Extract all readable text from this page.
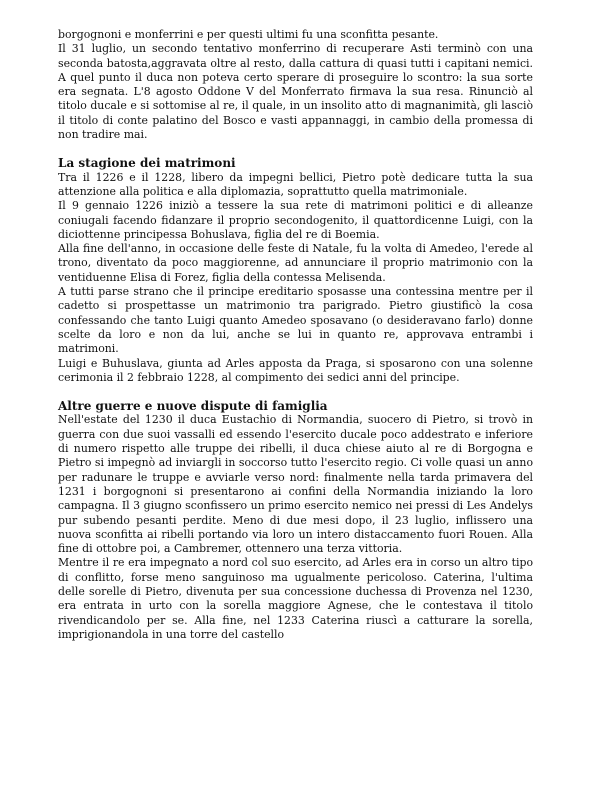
borgognoni e monferrini e per questi ultimi fu una sconfitta pesante.

Il 31 luglio, un secondo tentativo monferrino di recuperare Asti terminò con una seconda batosta,aggravata oltre al resto, dalla cattura di quasi tutti i capitani nemici. A quel punto il duca non poteva certo sperare di proseguire lo scontro: la sua sorte era segnata. L'8 agosto Oddone V del Monferrato firmava la sua resa. Rinunciò al titolo ducale e si sottomise al re, il quale, in un insolito atto di magnanimità, gli lasciò il titolo di conte palatino del Bosco e vasti appannaggi, in cambio della promessa di non tradire mai.

La stagione dei matrimoni

Tra il 1226 e il 1228, libero da impegni bellici, Pietro potè dedicare tutta la sua attenzione alla politica e alla diplomazia, soprattutto quella matrimoniale.

Il 9 gennaio 1226 iniziò a tessere la sua rete di matrimoni politici e di alleanze coniugali facendo fidanzare il proprio secondogenito, il quattordicenne Luigi, con la diciottenne principessa Bohuslava, figlia del re di Boemia.

Alla fine dell'anno, in occasione delle feste di Natale, fu la volta di Amedeo, l'erede al trono, diventato da poco maggiorenne, ad annunciare il proprio matrimonio con la ventiduenne Elisa di Forez, figlia della contessa Melisenda.

A tutti parse strano che il principe ereditario sposasse una contessina mentre per il cadetto si prospettasse un matrimonio tra parigrado. Pietro giustificò la cosa confessando che tanto Luigi quanto Amedeo sposavano (o desideravano farlo) donne scelte da loro e non da lui, anche se lui in quanto re, approvava entrambi i matrimoni.

Luigi e Buhuslava, giunta ad Arles apposta da Praga, si sposarono con una solenne cerimonia il 2 febbraio 1228, al compimento dei sedici anni del principe.

Altre guerre e nuove dispute di famiglia

Nell'estate del 1230 il duca Eustachio di Normandia, suocero di Pietro, si trovò in guerra con due suoi vassalli ed essendo l'esercito ducale poco addestrato e inferiore di numero rispetto alle truppe dei ribelli, il duca chiese aiuto al re di Borgogna e Pietro si impegnò ad inviargli in soccorso tutto l'esercito regio. Ci volle quasi un anno per radunare le truppe e avviarle verso nord: finalmente nella tarda primavera del 1231 i borgognoni si presentarono ai confini della Normandia iniziando la loro campagna. Il 3 giugno sconfissero un primo esercito nemico nei pressi di Les Andelys pur subendo pesanti perdite. Meno di due mesi dopo, il 23 luglio, inflissero una nuova sconfitta ai ribelli portando via loro un intero distaccamento fuori Rouen. Alla fine di ottobre poi, a Cambremer, ottennero una terza vittoria.

Mentre il re era impegnato a nord col suo esercito, ad Arles era in corso un altro tipo di conflitto, forse meno sanguinoso ma ugualmente pericoloso. Caterina, l'ultima delle sorelle di Pietro, divenuta per sua concessione duchessa di Provenza nel 1230, era entrata in urto con la sorella maggiore Agnese, che le contestava il titolo rivendicandolo per se. Alla fine, nel 1233 Caterina riuscì a catturare la sorella, imprigionandola in una torre del castello
